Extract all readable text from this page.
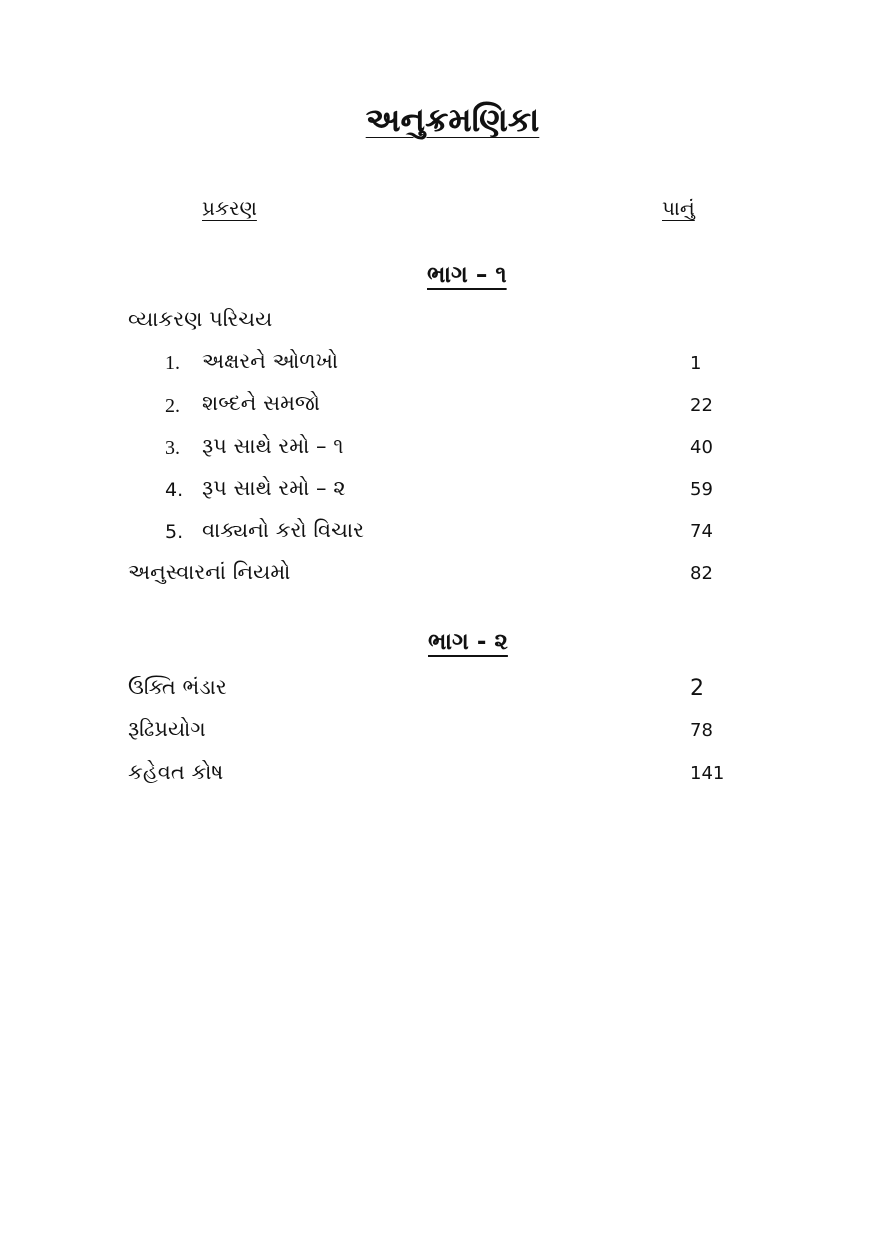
અનુક્રમણિકા
પ્રકરણ	પાનું
ભાગ – ૧
વ્યાકરણ પરિચય
1. અક્ષરને ઓળખો	1
2. શબ્દને સમજો	22
3. રૂપ સાથે રમો – ૧	40
4. રૂપ સાથે રમો – ૨	59
5. વાક્યનો કરો વિચાર	74
અનુસ્વારનાં નિયમો	82
ભાગ - ૨
ઉક્તિ ભંડાર	2
રૂઢિપ્રયોગ	78
કહેવત કોષ	141
